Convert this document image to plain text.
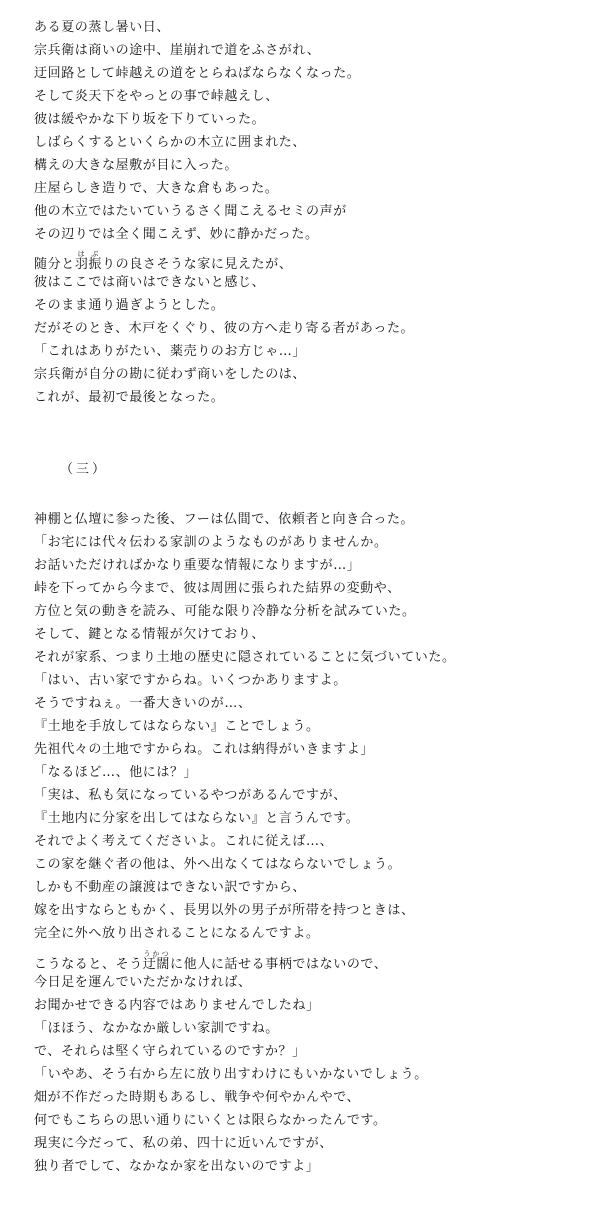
ある夏の蒸し暑い日、
宗兵衛は商いの途中、崖崩れで道をふさがれ、
迂回路として峠越えの道をとらねばならなくなった。
そして炎天下をやっとの事で峠越えし、
彼は緩やかな下り坂を下りていった。
しばらくするといくらかの木立に囲まれた、
構えの大きな屋敷が目に入った。
庄屋らしき造りで、大きな倉もあった。
他の木立ではたいていうるさく聞こえるセミの声が
その辺りでは全く聞こえず、妙に静かだった。
随分と羽振はぶりの良さそうな家に見えたが、
彼はここでは商いはできないと感じ、
そのまま通り過ぎようとした。
だがそのとき、木戸をくぐり、彼の方へ走り寄る者があった。
「これはありがたい、薬売りのお方じゃ…」
宗兵衛が自分の勘に従わず商いをしたのは、
これが、最初で最後となった。
（三）
神棚と仏壇に参った後、フーは仏間で、依頼者と向き合った。
「お宅には代々伝わる家訓のようなものがありませんか。
お話いただければかなり重要な情報になりますが…」
峠を下ってから今まで、彼は周囲に張られた結界の変動や、
方位と気の動きを読み、可能な限り冷静な分析を試みていた。
そして、鍵となる情報が欠けており、
それが家系、つまり土地の歴史に隠されていることに気づいていた。
「はい、古い家ですからね。いくつかありますよ。
そうですねぇ。一番大きいのが…、
『土地を手放してはならない』ことでしょう。
先祖代々の土地ですからね。これは納得がいきますよ」
「なるほど…、他には？」
「実は、私も気になっているやつがあるんですが、
『土地内に分家を出してはならない』と言うんです。
それでよく考えてくださいよ。これに従えば…、
この家を継ぐ者の他は、外へ出なくてはならないでしょう。
しかも不動産の譲渡はできない訳ですから、
嫁を出すならともかく、長男以外の男子が所帯を持つときは、
完全に外へ放り出されることになるんですよ。
こうなると、そう迂闊うかつに他人に話せる事柄ではないので、
今日足を運んでいただかなければ、
お聞かせできる内容ではありませんでしたね」
「ほほう、なかなか厳しい家訓ですね。
で、それらは堅く守られているのですか？」
「いやあ、そう右から左に放り出すわけにもいかないでしょう。
畑が不作だった時期もあるし、戦争や何やかんやで、
何でもこちらの思い通りにいくとは限らなかったんです。
現実に今だって、私の弟、四十に近いんですが、
独り者でして、なかなか家を出ないのですよ」
